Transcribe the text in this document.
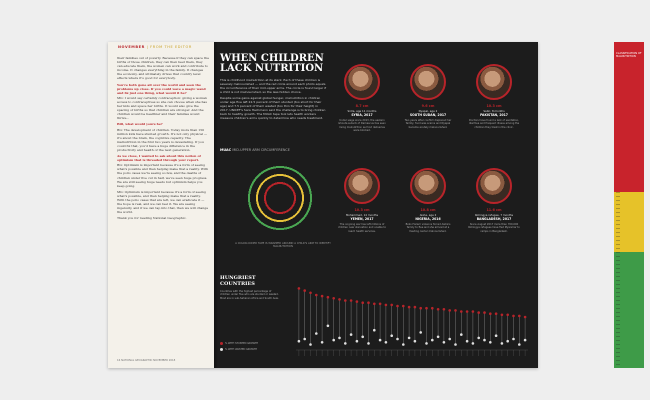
NOVEMBER | FROM THE EDITOR

their families out of poverty. Because if they can space the births of those children, they can then feed them, they can educate them, the women can work and contribute to income. It changes everything in the family. It changes the economy, and ultimately drives that country level effects where it's good for everybody.

You're both gone all over the world and seen the problems up close. If you could wave a magic wand and fix just one thing, what would it be?

MG: I would say certainly contraception: giving a woman access to contraceptives so she can choose when she has her kids and space her births. It would also give the spacing of births so that children are stronger. And the children would be healthier and their families would thrive...

Bill, what would yours be?

BG: The development of children. Today more than 150 million kids have stunted growth. It's not only physical — it's about the brain, the cognitive capacity. The malnutrition in the first two years is devastating. If you could fix that, you'd have a huge difference in the productivity and health of the next generation.

As we close, I wanted to ask about this notion of optimism that is threaded through your report.

BG: Optimism is important because it's a form of seeing what's possible and then helping make that a reality. With the polio cases we're seeing so few, and the deaths of children under five cut in half, we've seen huge progress. We are still seeing huge needs but optimism helps you keep going.

MG: Optimism is important because it's a form of seeing what's possible, and then helping make that a reality. With the polio cases that are left, we can eradicate it — the hope is real, and we can feel it. We are seeing ingenuity, and if we can tap into that, then we will change the world.

Thank you for reading National Geographic.

16 NATIONAL GEOGRAPHIC NOVEMBER 2018
WHEN CHILDREN LACK NUTRITION

This is childhood malnutrition at its stark: Each of these children is severely malnourished — and the red circle around each photo equals the circumference of their mid-upper arms. The circle is found larger if a child is not malnourished, so the less hidden choice.

Despite some gains against global hunger, malnutrition in children under age five left 22.5 percent of them stunted (too short for their age) and 7.5 percent of them wasted (too thin for their height) in 2017. UNICEF's Sara Hachmann said the challenge is to bring children back to healthy growth. The MUAC tape tool lets health workers measure children's arms quickly to determine who needs treatment.

MUAC MID-UPPER ARM CIRCUMFERENCE
A COLOR-CODED TAPE IS WRAPPED AROUND A CHILD'S ARM TO IDENTIFY MALNUTRITION
8.7 cm
Sidra, age 11 months
SYRIA, 2017
Under siege since 2013, the eastern Ghouta suburb of Damascus has seen rising malnutrition as food deliveries were blocked.
9.6 cm
Nyapal, age 2
SOUTH SUDAN, 2017
Two years after conflict displaced her family, food was scarce and Nyapal became acutely malnourished.
10.3 cm
Sabir, 8 months
PAKISTAN, 2017
Doctors have found a lack of sanitation, diarrhea and frequent illness among the children they treat in the clinic.
10.3 cm
Mohammed, 14 months
YEMEN, 2017
The ongoing war has left millions of children near starvation and unable to reach health services.
10.8 cm
Aisha, age 2
NIGERIA, 2016
Boko Haram violence forced Aisha's family to flee and she arrived at a feeding center malnourished.
11.6 cm
Rohingya refugee, 7 months
BANGLADESH, 2017
Since August 2017 more than 700,000 Rohingya refugees have fled Myanmar to camps in Bangladesh.
HUNGRIEST COUNTRIES
Countries with the highest percentage of children under five who are stunted or wasted. Most are in sub-Saharan Africa and South Asia.
% WITH STUNTED GROWTH
% WITH WASTED GROWTH
CLASSIFICATION OF MALNUTRITION
